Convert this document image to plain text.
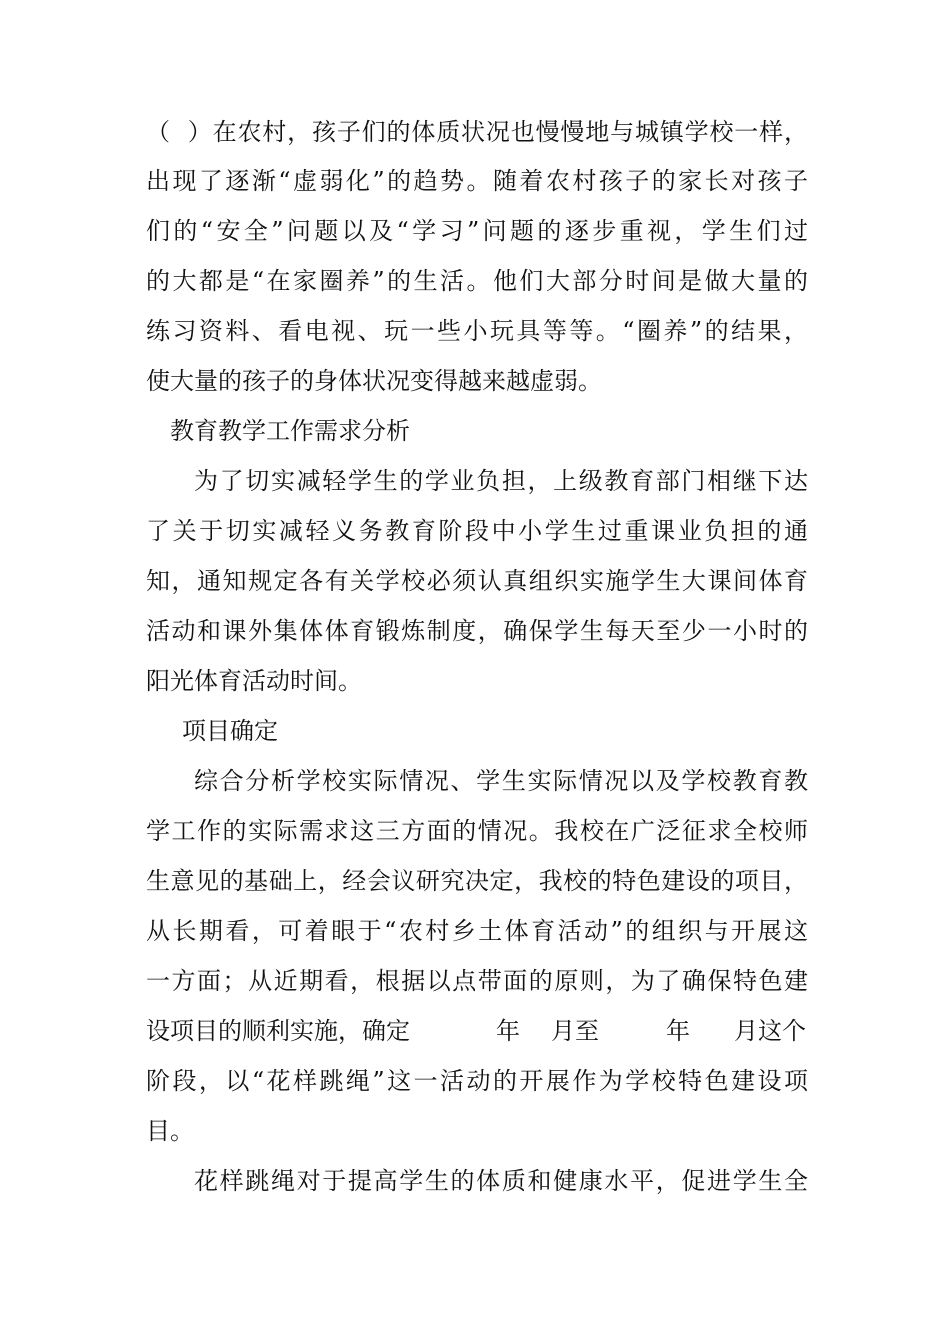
（  ）在农村，孩子们的体质状况也慢慢地与城镇学校一样，
出现了逐渐“虚弱化”的趋势。随着农村孩子的家长对孩子
们的“安全”问题以及“学习”问题的逐步重视，学生们过
的大都是“在家圈养”的生活。他们大部分时间是做大量的
练习资料、看电视、玩一些小玩具等等。“圈养”的结果，
使大量的孩子的身体状况变得越来越虚弱。
教育教学工作需求分析
为了切实减轻学生的学业负担，上级教育部门相继下达
了关于切实减轻义务教育阶段中小学生过重课业负担的通
知，通知规定各有关学校必须认真组织实施学生大课间体育
活动和课外集体体育锻炼制度，确保学生每天至少一小时的
阳光体育活动时间。
项目确定
综合分析学校实际情况、学生实际情况以及学校教育教
学工作的实际需求这三方面的情况。我校在广泛征求全校师
生意见的基础上，经会议研究决定，我校的特色建设的项目，
从长期看，可着眼于“农村乡土体育活动”的组织与开展这
一方面；从近期看，根据以点带面的原则，为了确保特色建
设项目的顺利实施，确定	年 月至	年 月这个
阶段，以“花样跳绳”这一活动的开展作为学校特色建设项
目。
花样跳绳对于提高学生的体质和健康水平，促进学生全
